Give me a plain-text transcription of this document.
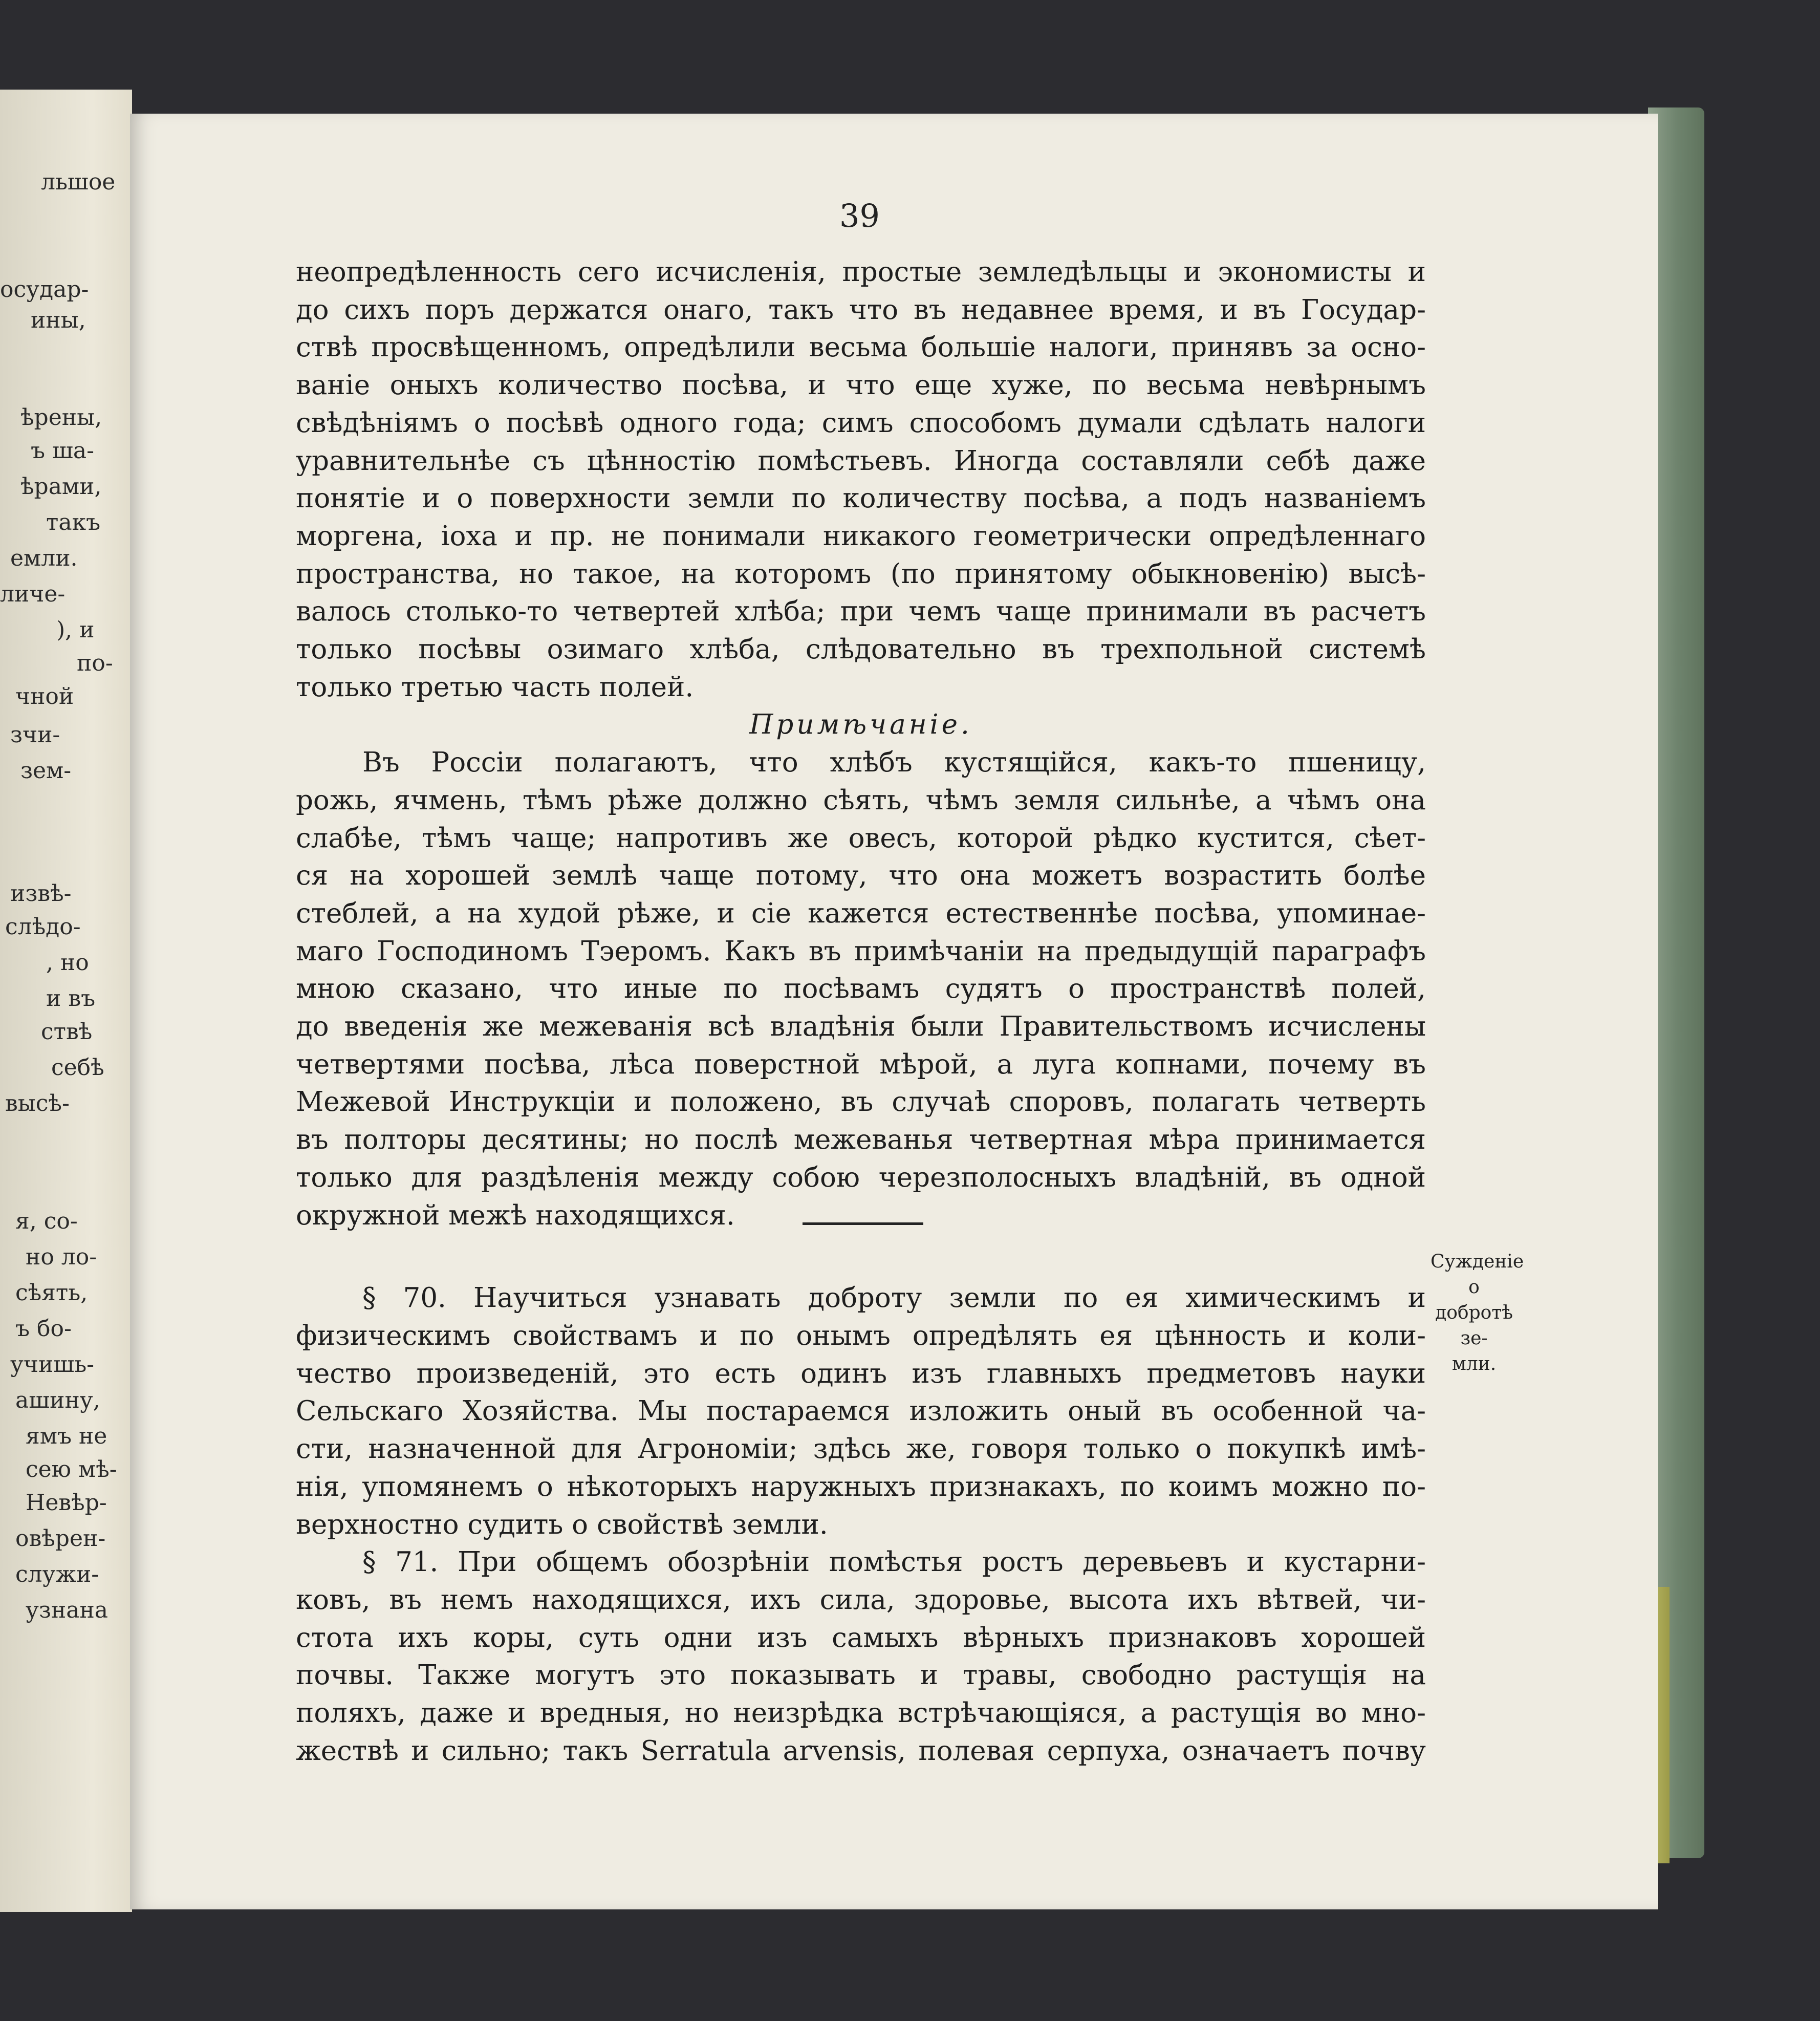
льшое
осудар-
ины,
ѣрены,
ъ ша-
ѣрами,
такъ
емли.
личе-
), и
по-
чной
зчи-
зем-
извѣ-
слѣдо-
, но
и въ
ствѣ
себѣ
высѣ-
я, со-
но ло-
сѣять,
ъ бо-
учишь-
ашину,
ямъ не
сею мѣ-
Невѣр-
овѣрен-
служи-
узнана
39
неопредѣленность сего исчисленія, простые земледѣльцы и экономисты и
до сихъ поръ держатся онаго, такъ что въ недавнее время, и въ Государ-
ствѣ просвѣщенномъ, опредѣлили весьма большіе налоги, принявъ за осно-
ваніе оныхъ количество посѣва, и что еще хуже, по весьма невѣрнымъ
свѣдѣніямъ о посѣвѣ одного года; симъ способомъ думали сдѣлать налоги
уравнительнѣе съ цѣнностію помѣстьевъ. Иногда составляли себѣ даже
понятіе и о поверхности земли по количеству посѣва, а подъ названіемъ
моргена, іоха и пр. не понимали никакого геометрически опредѣленнаго
пространства, но такое, на которомъ (по принятому обыкновенію) высѣ-
валось столько-то четвертей хлѣба; при чемъ чаще принимали въ расчетъ
только посѣвы озимаго хлѣба, слѣдовательно въ трехпольной системѣ
только третью часть полей.
Примѣчаніе.
Въ Россіи полагаютъ, что хлѣбъ кустящійся, какъ-то пшеницу,
рожь, ячмень, тѣмъ рѣже должно сѣять, чѣмъ земля сильнѣе, а чѣмъ она
слабѣе, тѣмъ чаще; напротивъ же овесъ, которой рѣдко кустится, сѣет-
ся на хорошей землѣ чаще потому, что она можетъ возрастить болѣе
стеблей, а на худой рѣже, и сіе кажется естественнѣе посѣва, упоминае-
маго Господиномъ Тэеромъ. Какъ въ примѣчаніи на предыдущій параграфъ
мною сказано, что иные по посѣвамъ судятъ о пространствѣ полей,
до введенія же межеванія всѣ владѣнія были Правительствомъ исчислены
четвертями посѣва, лѣса поверстной мѣрой, а луга копнами, почему въ
Межевой Инструкціи и положено, въ случаѣ споровъ, полагать четверть
въ полторы десятины; но послѣ межеванья четвертная мѣра принимается
только для раздѣленія между собою черезполосныхъ владѣній, въ одной
окружной межѣ находящихся.
§ 70. Научиться узнавать доброту земли по ея химическимъ и
физическимъ свойствамъ и по онымъ опредѣлять ея цѣнность и коли-
чество произведеній, это есть одинъ изъ главныхъ предметовъ науки
Сельскаго Хозяйства. Мы постараемся изложить оный въ особенной ча-
сти, назначенной для Агрономіи; здѣсь же, говоря только о покупкѣ имѣ-
нія, упомянемъ о нѣкоторыхъ наружныхъ признакахъ, по коимъ можно по-
верхностно судить о свойствѣ земли.
§ 71. При общемъ обозрѣніи помѣстья ростъ деревьевъ и кустарни-
ковъ, въ немъ находящихся, ихъ сила, здоровье, высота ихъ вѣтвей, чи-
стота ихъ коры, суть одни изъ самыхъ вѣрныхъ признаковъ хорошей
почвы. Также могутъ это показывать и травы, свободно растущія на
поляхъ, даже и вредныя, но неизрѣдка встрѣчающіяся, а растущія во мно-
жествѣ и сильно; такъ Serratula arvensis, полевая серпуха, означаетъ почву
Сужденіе о
добротѣ зе-
мли.
